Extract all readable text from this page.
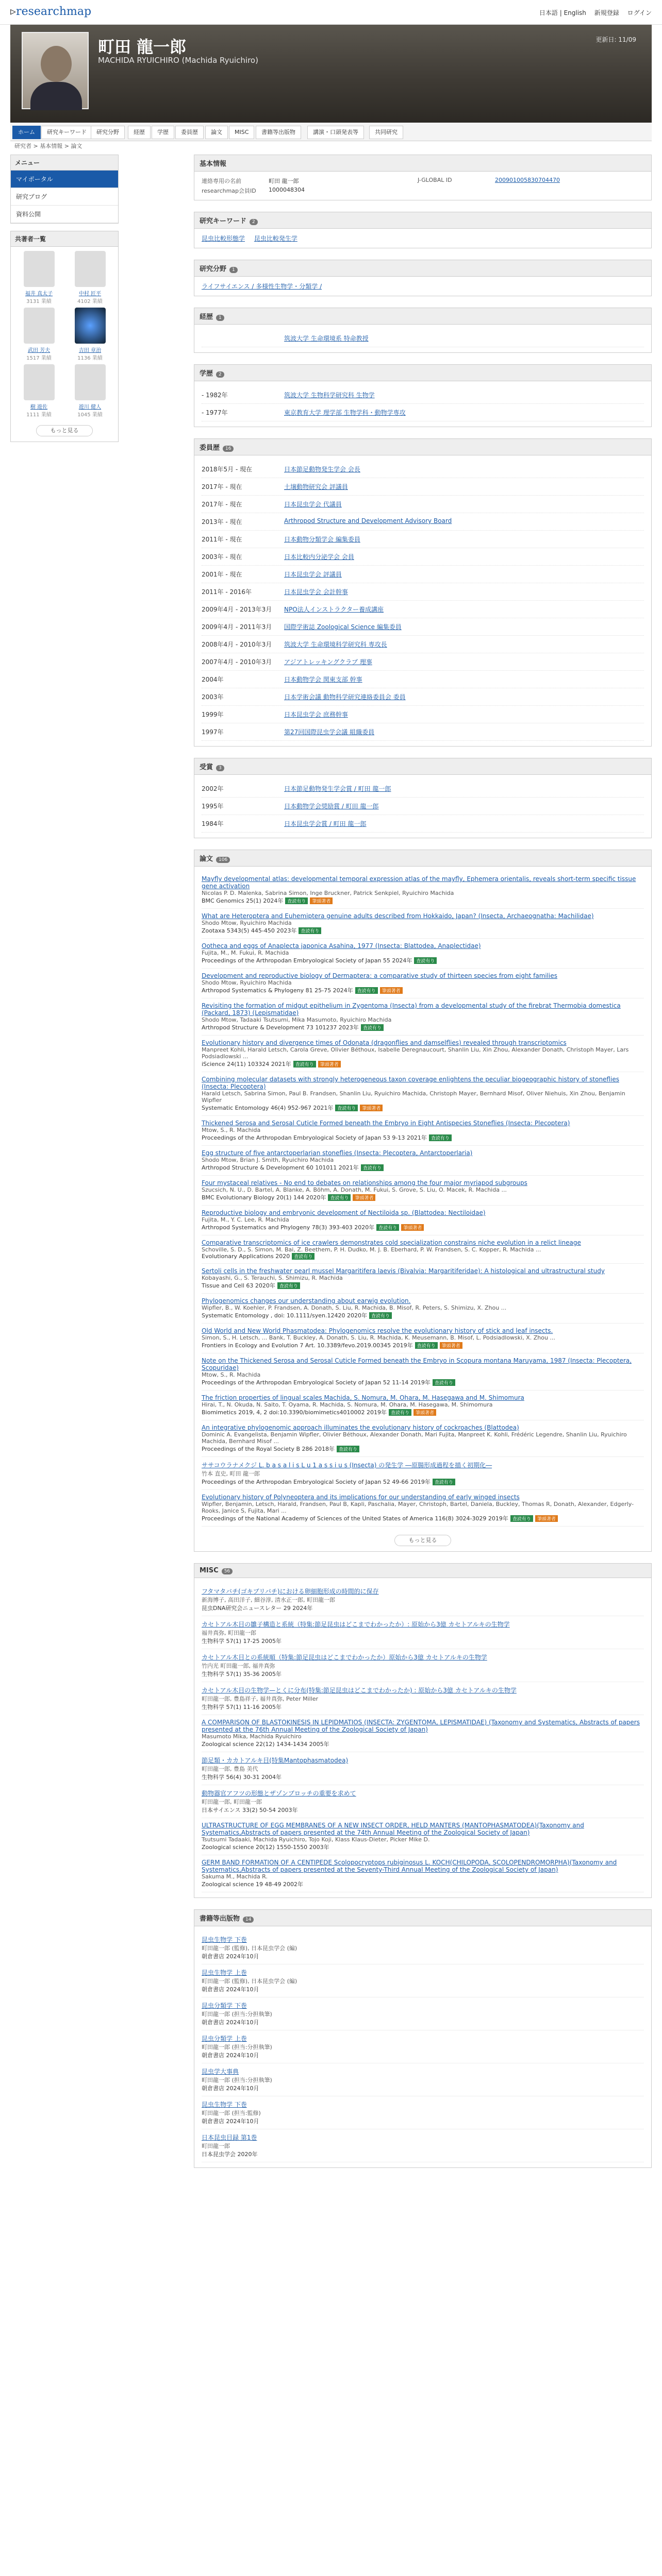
▹researchmap	日本語 | English 新規登録 ログイン
町田 龍一郎
MACHIDA RYUICHIRO (Machida Ryuichiro)
更新日: 11/09
ホーム	研究キーワード	研究分野	経歴	学歴	委員歴	論文	MISC	書籍等出版物	講演・口頭発表等	共同研究
研究者 > 基本情報 > 論文
メニュー
マイポータル
研究ブログ
資料公開
共著者一覧
福井 真太子
3131 業績
中村 匠平
4102 業績
武田 芳夫
1517 業績
吉田 章治
1136 業績
樹 遊佐
1111 業績
遊川 健人
1045 業績
もっと見る
基本情報
連絡専用の名前	町田 龍一郎	J-GLOBAL ID	200901005830704470
researchmap会員ID	1000048304
研究キーワード 2
昆虫比較形態学 昆虫比較発生学
研究分野 1
ライフサイエンス / 多様性生物学・分類学 /
経歴 1
筑波大学 生命環境系 特命教授
学歴 2
- 1982年	筑波大学 生物科学研究科 生物学
- 1977年	東京教育大学 理学部 生物学科・動物学専攻
委員歴 16
2018年5月 - 現在	日本節足動物発生学会 会長
2017年 - 現在	土壌動物研究会 評議員
2017年 - 現在	日本昆虫学会 代議員
2013年 - 現在	Arthropod Structure and Development Advisory Board
2011年 - 現在	日本動物分類学会 編集委員
2003年 - 現在	日本比較内分泌学会 会員
2001年 - 現在	日本昆虫学会 評議員
2011年 - 2016年	日本昆虫学会 会計幹事
2009年4月 - 2013年3月	NPO法人インストラクター養成講座
2009年4月 - 2011年3月	国際学術誌 Zoological Science 編集委員
2008年4月 - 2010年3月	筑波大学 生命環境科学研究科 専攻長
2007年4月 - 2010年3月	アジアトレッキングクラブ 理事
2004年	日本動物学会 関東支部 幹事
2003年	日本学術会議 動物科学研究連絡委員会 委員
1999年	日本昆虫学会 庶務幹事
1997年	第27回国際昆虫学会議 組織委員
受賞 3
2002年	日本節足動物発生学会賞 / 町田 龍一郎
1995年	日本動物学会奨励賞 / 町田 龍一郎
1984年	日本昆虫学会賞 / 町田 龍一郎
論文 106
Mayfly developmental atlas: developmental temporal expression atlas of the mayfly, Ephemera orientalis, reveals short-term specific tissue gene activation
Nicolas P. D. Malenka, Sabrina Simon, Inge Bruckner, Patrick Senkpiel, Ryuichiro Machida
BMC Genomics 25(1) 2024年 査読有り 筆頭著者
What are Heteroptera and Euhemiptera genuine adults described from Hokkaido, Japan? (Insecta, Archaeognatha: Machilidae)
Shodo Mtow, Ryuichiro Machida
Zootaxa 5343(5) 445-450 2023年 査読有り
Ootheca and eggs of Anaplecta japonica Asahina, 1977 (Insecta: Blattodea, Anaplectidae)
Fujita, M., M. Fukui, R. Machida
Proceedings of the Arthropodan Embryological Society of Japan 55 2024年 査読有り
Development and reproductive biology of Dermaptera: a comparative study of thirteen species from eight families
Shodo Mtow, Ryuichiro Machida
Arthropod Systematics & Phylogeny 81 25-75 2024年 査読有り 筆頭著者
Revisiting the formation of midgut epithelium in Zygentoma (Insecta) from a developmental study of the firebrat Thermobia domestica (Packard, 1873) (Lepismatidae)
Shodo Mtow, Tadaaki Tsutsumi, Mika Masumoto, Ryuichiro Machida
Arthropod Structure & Development 73 101237 2023年 査読有り
Evolutionary history and divergence times of Odonata (dragonflies and damselflies) revealed through transcriptomics
Manpreet Kohli, Harald Letsch, Carola Greve, Olivier Béthoux, Isabelle Deregnaucourt, Shanlin Liu, Xin Zhou, Alexander Donath, Christoph Mayer, Lars Podsiadlowski ...
iScience 24(11) 103324 2021年 査読有り 筆頭著者
Combining molecular datasets with strongly heterogeneous taxon coverage enlightens the peculiar biogeographic history of stoneflies (Insecta: Plecoptera)
Harald Letsch, Sabrina Simon, Paul B. Frandsen, Shanlin Liu, Ryuichiro Machida, Christoph Mayer, Bernhard Misof, Oliver Niehuis, Xin Zhou, Benjamin Wipfler
Systematic Entomology 46(4) 952-967 2021年 査読有り 筆頭著者
Thickened Serosa and Serosal Cuticle Formed beneath the Embryo in Eight Antispecies Stoneflies (Insecta: Plecoptera)
Mtow, S., R. Machida
Proceedings of the Arthropodan Embryological Society of Japan 53 9-13 2021年 査読有り
Egg structure of five antarctoperlarian stoneflies (Insecta: Plecoptera, Antarctoperlaria)
Shodo Mtow, Brian J. Smith, Ryuichiro Machida
Arthropod Structure & Development 60 101011 2021年 査読有り
Four mystaceal relatives - No end to debates on relationships among the four major myriapod subgroups
Szucsich, N. U., D. Bartel, A. Blanke, A. Böhm, A. Donath, M. Fukui, S. Grove, S. Liu, O. Macek, R. Machida ...
BMC Evolutionary Biology 20(1) 144 2020年 査読有り 筆頭著者
Reproductive biology and embryonic development of Nectiloida sp. (Blattodea: Nectiloidae)
Fujita, M., Y. C. Lee, R. Machida
Arthropod Systematics and Phylogeny 78(3) 393-403 2020年 査読有り 筆頭著者
Comparative transcriptomics of ice crawlers demonstrates cold specialization constrains niche evolution in a relict lineage
Schoville, S. D., S. Simon, M. Bai, Z. Beethem, P. H. Dudko, M. J. B. Eberhard, P. W. Frandsen, S. C. Kopper, R. Machida ...
Evolutionary Applications 2020 査読有り
Sertoli cells in the freshwater pearl mussel Margaritifera laevis (Bivalvia: Margaritiferidae): A histological and ultrastructural study
Kobayashi, G., S. Terauchi, S. Shimizu, R. Machida
Tissue and Cell 63 2020年 査読有り
Phylogenomics changes our understanding about earwig evolution.
Wipfler, B., W. Koehler, P. Frandsen, A. Donath, S. Liu, R. Machida, B. Misof, R. Peters, S. Shimizu, X. Zhou ...
Systematic Entomology , doi: 10.1111/syen.12420 2020年 査読有り
Old World and New World Phasmatodea: Phylogenomics resolve the evolutionary history of stick and leaf insects.
Simon, S., H. Letsch, ... Bank, T. Buckley, A. Donath, S. Liu, R. Machida, K. Meusemann, B. Misof, L. Podsiadlowski, X. Zhou ...
Frontiers in Ecology and Evolution 7 Art. 10.3389/fevo.2019.00345 2019年 査読有り 筆頭著者
Note on the Thickened Serosa and Serosal Cuticle Formed beneath the Embryo in Scopura montana Maruyama, 1987 (Insecta: Plecoptera, Scopuridae)
Mtow, S., R. Machida
Proceedings of the Arthropodan Embryological Society of Japan 52 11-14 2019年 査読有り
The friction properties of lingual scales Machida, S. Nomura, M. Ohara, M. Hasegawa and M. Shimomura
Hirai, T., N. Okuda, N. Saito, T. Oyama, R. Machida, S. Nomura, M. Ohara, M. Hasegawa, M. Shimomura
Biomimetics 2019, 4, 2 doi:10.3390/biomimetics4010002 2019年 査読有り 筆頭著者
An integrative phylogenomic approach illuminates the evolutionary history of cockroaches (Blattodea)
Dominic A. Evangelista, Benjamin Wipfler, Olivier Béthoux, Alexander Donath, Mari Fujita, Manpreet K. Kohli, Frédéric Legendre, Shanlin Liu, Ryuichiro Machida, Bernhard Misof ...
Proceedings of the Royal Society B 286 2018年 査読有り
ササコウラナメクジ L. b a s a l i s L u 1 a s s i u s (Insecta) の発生学 ―原腸形成過程を描く初期化―
竹本 直史, 町田 龍一郎
Proceedings of the Arthropodan Embryological Society of Japan 52 49-66 2019年 査読有り
Evolutionary history of Polyneoptera and its implications for our understanding of early winged insects
Wipfler, Benjamin, Letsch, Harald, Frandsen, Paul B, Kapli, Paschalia, Mayer, Christoph, Bartel, Daniela, Buckley, Thomas R, Donath, Alexander, Edgerly-Rooks, Janice S, Fujita, Mari ...
Proceedings of the National Academy of Sciences of the United States of America 116(8) 3024-3029 2019年 査読有り 筆頭著者
もっと見る
MISC 56
フタマタバチ(ゴキブリバチ)における卵細胞形成の時間的に保存
新海博子, 高田洋子, 細谷淳, 清水正一郎, 町田龍一郎
昆虫DNA研究会ニュースレター 29 2024年
カセトアル木目の雛子構造と系統（特集:節足昆虫はどこまでわかったか）: 原始から3億 カセトアルキの生物学
福井真弥, 町田龍一郎
生物科学 57(1) 17-25 2005年
カセトアル木目との系統順（特集:節足昆虫はどこまでわかったか）原始から3億 カセトアルキの生物学
竹内光 町田龍一郎, 福井真弥
生物科学 57(1) 35-36 2005年
カセトアル木目の生物学—とくに分布(特集:節足昆虫はどこまでわかったか) : 原始から3億 カセトアルキの生物学
町田龍一郎, 豊島祥子, 福井真弥, Peter Miller
生物科学 57(1) 11-16 2005年
A COMPARISON OF BLASTOKINESIS IN LEPIDMATIOS (INSECTA: ZYGENTOMA, LEPISMATIDAE) (Taxonomy and Systematics, Abstracts of papers presented at the 76th Annual Meeting of the Zoological Society of Japan)
Masumoto Mika, Machida Ryuichiro
Zoological science 22(12) 1434-1434 2005年
節足類・カカトアルキ目(特集Mantophasmatodea)
町田龍一郎, 豊島 美代
生物科学 56(4) 30-31 2004年
動物器官アフツの形態とザゾンブロッチの重要を求めて
町田龍一郎, 町田龍一郎
日本サイエンス 33(2) 50-54 2003年
ULTRASTRUCTURE OF EGG MEMBRANES OF A NEW INSECT ORDER, HELD MANTERS (MANTOPHASMATODEA)(Taxonomy and Systematics,Abstracts of papers presented at the 74th Annual Meeting of the Zoological Society of Japan)
Tsutsumi Tadaaki, Machida Ryuichiro, Tojo Koji, Klass Klaus-Dieter, Picker Mike D.
Zoological science 20(12) 1550-1550 2003年
GERM BAND FORMATION OF A CENTIPEDE Scolopocryptops rubiginosus L. KOCH(CHILOPODA, SCOLOPENDROMORPHA)(Taxonomy and Systematics,Abstracts of papers presented at the Seventy-Third Annual Meeting of the Zoological Society of Japan)
Sakuma M., Machida R.
Zoological science 19 48-49 2002年
書籍等出版物 14
昆虫生物学 下巻
町田龍一郎 (監修), 日本昆虫学会 (編)
朝倉書店 2024年10月
昆虫生物学 上巻
町田龍一郎 (監修), 日本昆虫学会 (編)
朝倉書店 2024年10月
昆虫分類学 下巻
町田龍一郎 (担当:分担執筆)
朝倉書店 2024年10月
昆虫分類学 上巻
町田龍一郎 (担当:分担執筆)
朝倉書店 2024年10月
昆虫学大事典
町田龍一郎 (担当:分担執筆)
朝倉書店 2024年10月
昆虫生物学 下巻
町田龍一郎 (担当:監修)
朝倉書店 2024年10月
日本昆虫目録 第1巻
町田龍一郎
日本昆虫学会 2020年
